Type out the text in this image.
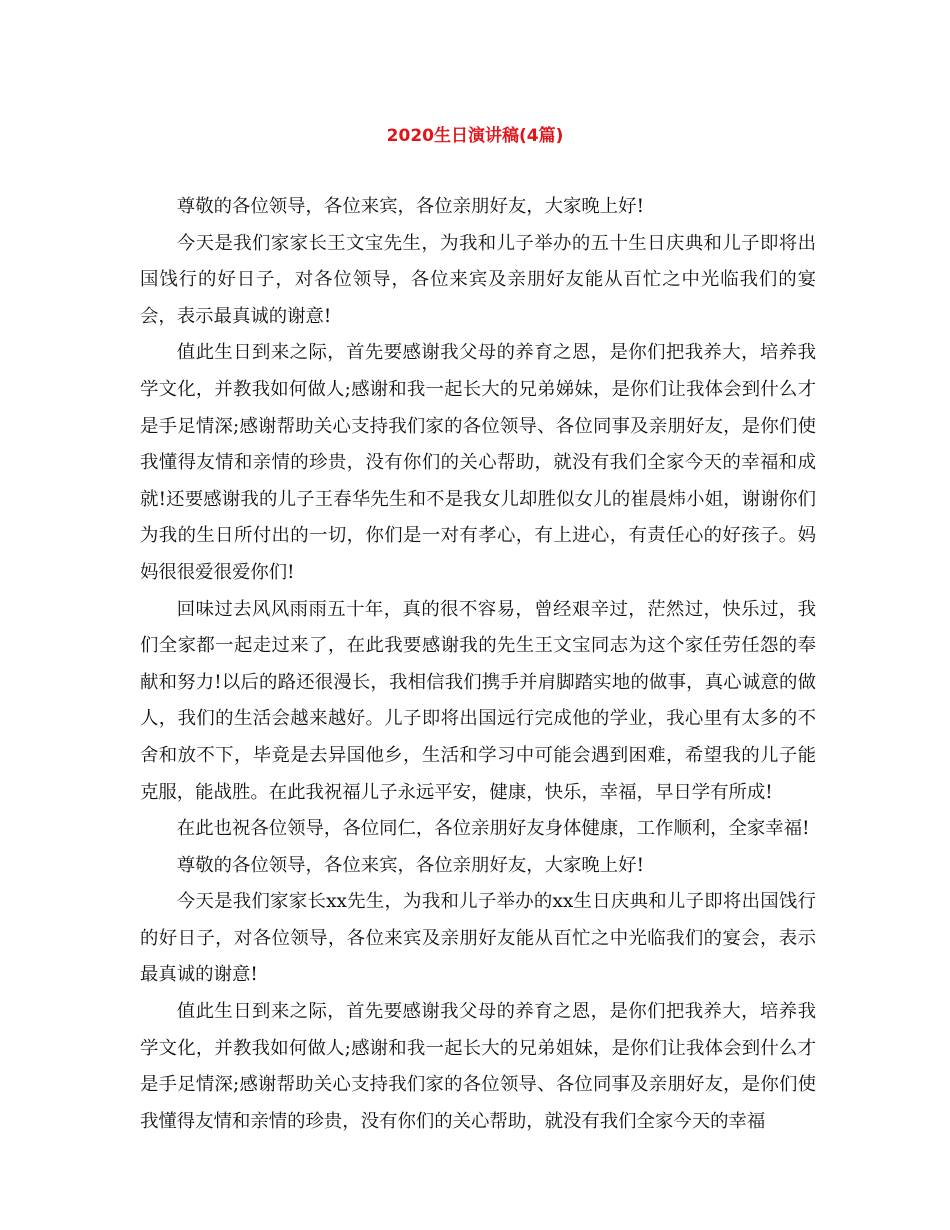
2020生日演讲稿(4篇)

尊敬的各位领导，各位来宾，各位亲朋好友，大家晚上好!

今天是我们家家长王文宝先生，为我和儿子举办的五十生日庆典和儿子即将出国饯行的好日子，对各位领导，各位来宾及亲朋好友能从百忙之中光临我们的宴会，表示最真诚的谢意!

值此生日到来之际，首先要感谢我父母的养育之恩，是你们把我养大，培养我学文化，并教我如何做人;感谢和我一起长大的兄弟娣妹，是你们让我体会到什么才是手足情深;感谢帮助关心支持我们家的各位领导、各位同事及亲朋好友，是你们使我懂得友情和亲情的珍贵，没有你们的关心帮助，就没有我们全家今天的幸福和成就!还要感谢我的儿子王春华先生和不是我女儿却胜似女儿的崔晨炜小姐，谢谢你们为我的生日所付出的一切，你们是一对有孝心，有上进心，有责任心的好孩子。妈妈很很爱很爱你们!

回味过去风风雨雨五十年，真的很不容易，曾经艰辛过，茫然过，快乐过，我们全家都一起走过来了，在此我要感谢我的先生王文宝同志为这个家任劳任怨的奉献和努力!以后的路还很漫长，我相信我们携手并肩脚踏实地的做事，真心诚意的做人，我们的生活会越来越好。儿子即将出国远行完成他的学业，我心里有太多的不舍和放不下，毕竟是去异国他乡，生活和学习中可能会遇到困难，希望我的儿子能克服，能战胜。在此我祝福儿子永远平安，健康，快乐，幸福，早日学有所成!

在此也祝各位领导，各位同仁，各位亲朋好友身体健康，工作顺利，全家幸福!

尊敬的各位领导，各位来宾，各位亲朋好友，大家晚上好!

今天是我们家家长xx先生，为我和儿子举办的xx生日庆典和儿子即将出国饯行的好日子，对各位领导，各位来宾及亲朋好友能从百忙之中光临我们的宴会，表示最真诚的谢意!

值此生日到来之际，首先要感谢我父母的养育之恩，是你们把我养大，培养我学文化，并教我如何做人;感谢和我一起长大的兄弟姐妹，是你们让我体会到什么才是手足情深;感谢帮助关心支持我们家的各位领导、各位同事及亲朋好友，是你们使我懂得友情和亲情的珍贵，没有你们的关心帮助，就没有我们全家今天的幸福
